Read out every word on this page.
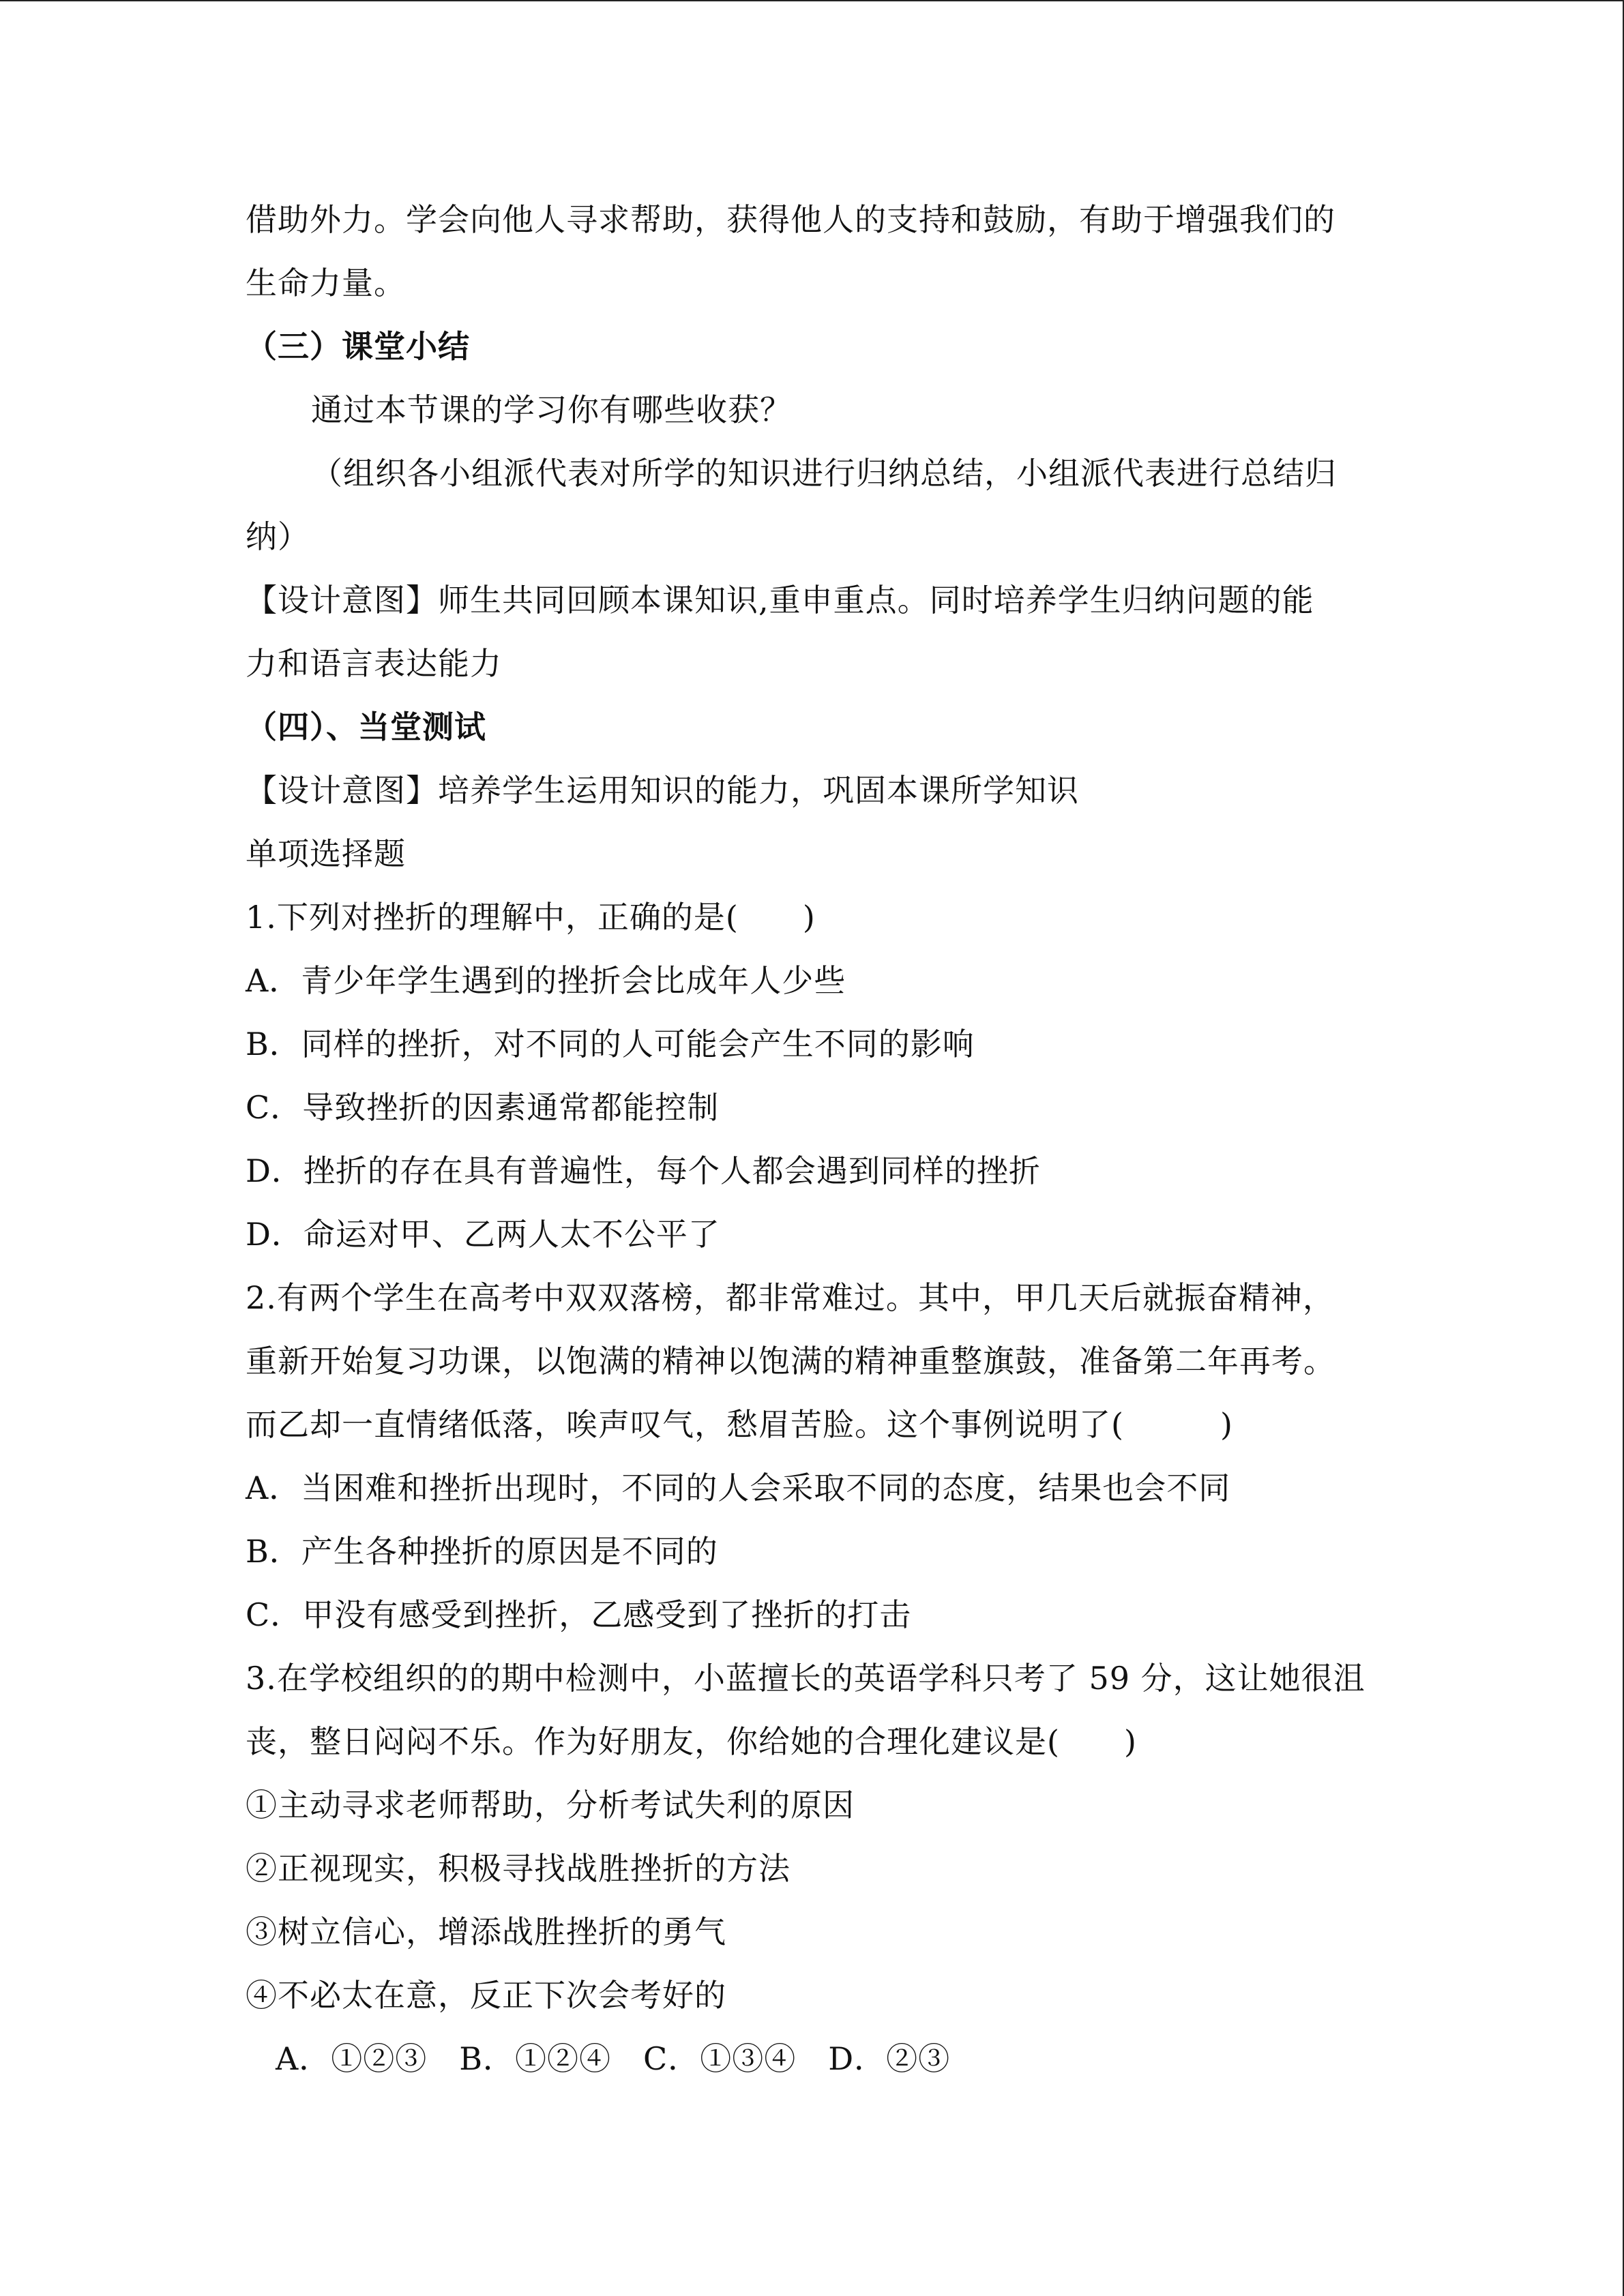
借助外力。学会向他人寻求帮助，获得他人的支持和鼓励，有助于增强我们的
生命力量。
（三）课堂小结
通过本节课的学习你有哪些收获？
（组织各小组派代表对所学的知识进行归纳总结，小组派代表进行总结归
纳）
【设计意图】师生共同回顾本课知识,重申重点。同时培养学生归纳问题的能
力和语言表达能力
（四）、当堂测试
【设计意图】培养学生运用知识的能力，巩固本课所学知识
单项选择题
1.下列对挫折的理解中，正确的是(　　)
A．青少年学生遇到的挫折会比成年人少些
B．同样的挫折，对不同的人可能会产生不同的影响
C．导致挫折的因素通常都能控制
D．挫折的存在具有普遍性，每个人都会遇到同样的挫折
D．命运对甲、乙两人太不公平了
2.有两个学生在高考中双双落榜，都非常难过。其中，甲几天后就振奋精神，
重新开始复习功课，以饱满的精神以饱满的精神重整旗鼓，准备第二年再考。
而乙却一直情绪低落，唉声叹气，愁眉苦脸。这个事例说明了(　　　)
A．当困难和挫折出现时，不同的人会采取不同的态度，结果也会不同
B．产生各种挫折的原因是不同的
C．甲没有感受到挫折，乙感受到了挫折的打击
3.在学校组织的的期中检测中，小蓝擅长的英语学科只考了 59 分，这让她很沮
丧，整日闷闷不乐。作为好朋友，你给她的合理化建议是(　　)
①主动寻求老师帮助，分析考试失利的原因
②正视现实，积极寻找战胜挫折的方法
③树立信心，增添战胜挫折的勇气
④不必太在意，反正下次会考好的
A．①②③　B．①②④　C．①③④　D．②③
